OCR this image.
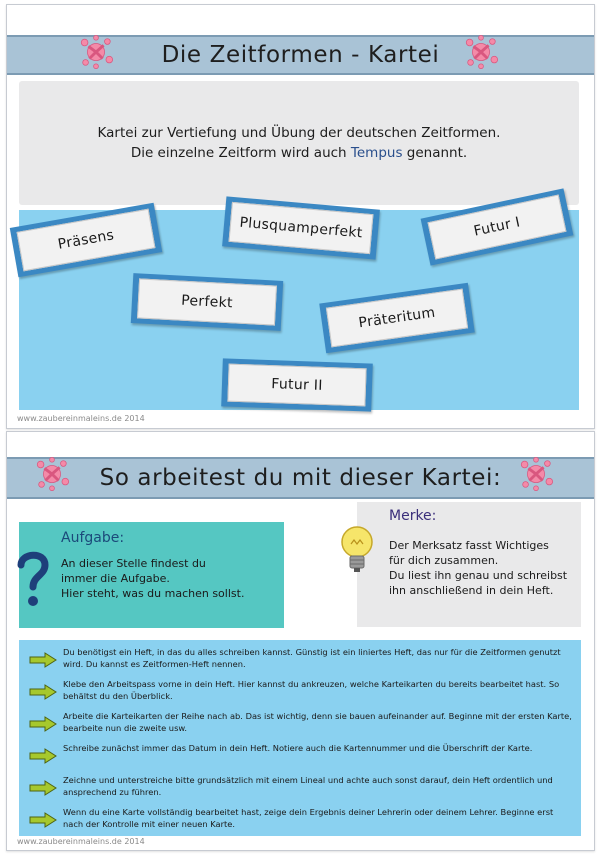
Die Zeitformen - Kartei
Kartei zur Vertiefung und Übung der deutschen Zeitformen.
Die einzelne Zeitform wird auch Tempus genannt.
Präsens	Plusquamperfekt	Futur I
Perfekt
Präteritum
Futur II
www.zaubereinmaleins.de 2014
So arbeitest du mit dieser Kartei:
Aufgabe:
An dieser Stelle findest du
immer die Aufgabe.
Hier steht, was du machen sollst.
Merke:
Der Merksatz fasst Wichtiges
für dich zusammen.
Du liest ihn genau und schreibst
ihn anschließend in dein Heft.
Du benötigst ein Heft, in das du alles schreiben kannst. Günstig ist ein liniertes Heft, das nur für die Zeitformen genutzt wird. Du kannst es Zeitformen-Heft nennen.
Klebe den Arbeitspass vorne in dein Heft. Hier kannst du ankreuzen, welche Karteikarten du bereits bearbeitet hast. So behältst du den Überblick.
Arbeite die Karteikarten der Reihe nach ab. Das ist wichtig, denn sie bauen aufeinander auf. Beginne mit der ersten Karte, bearbeite nun die zweite usw.
Schreibe zunächst immer das Datum in dein Heft. Notiere auch die Kartennummer und die Überschrift der Karte.
Zeichne und unterstreiche bitte grundsätzlich mit einem Lineal und achte auch sonst darauf, dein Heft ordentlich und ansprechend zu führen.
Wenn du eine Karte vollständig bearbeitet hast, zeige dein Ergebnis deiner Lehrerin oder deinem Lehrer. Beginne erst nach der Kontrolle mit einer neuen Karte.
www.zaubereinmaleins.de 2014
